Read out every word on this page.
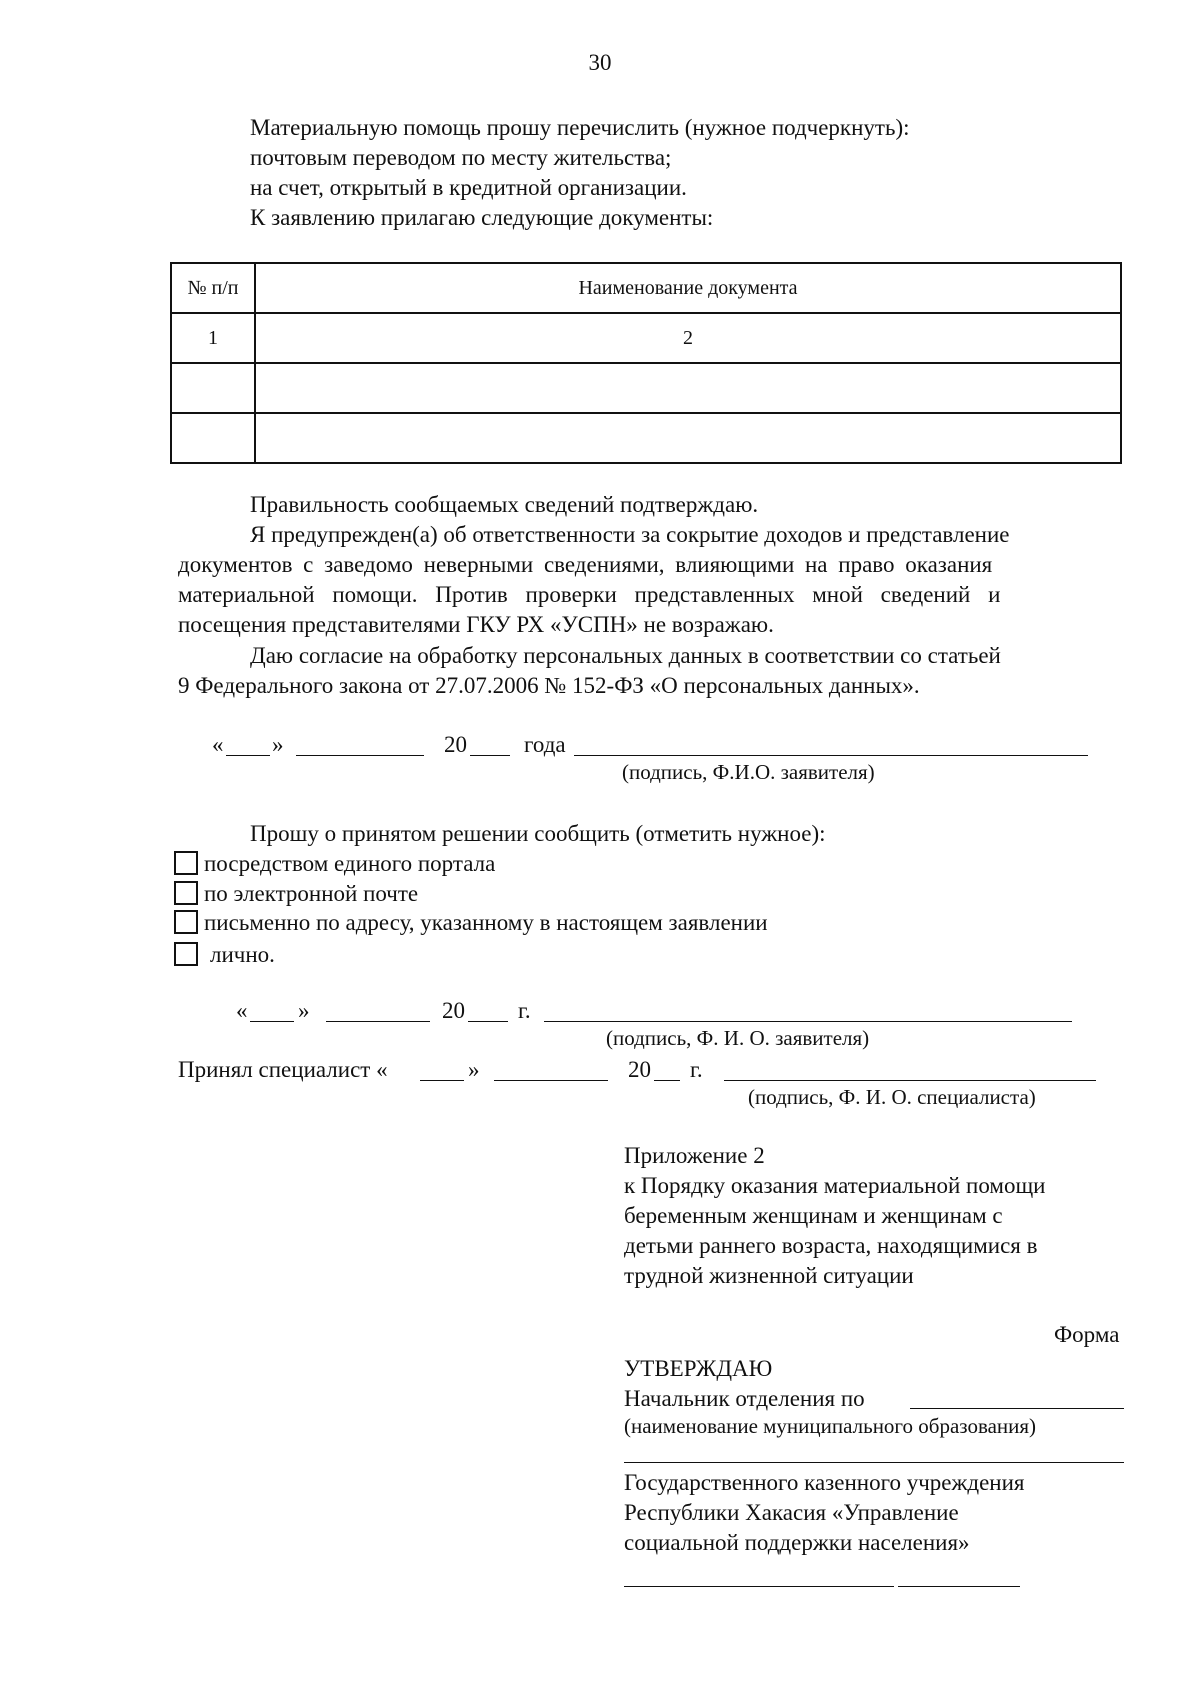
30
Материальную помощь прошу перечислить (нужное подчеркнуть):
почтовым переводом по месту жительства;
на счет, открытый в кредитной организации.
К заявлению прилагаю следующие документы:
№ п/п	Наименование документа
1	2

Правильность сообщаемых сведений подтверждаю.
Я предупрежден(а) об ответственности за сокрытие доходов и представление
документов с заведомо неверными сведениями, влияющими на право оказания
материальной помощи. Против проверки представленных мной сведений и
посещения представителями ГКУ РХ «УСПН» не возражаю.
Даю согласие на обработку персональных данных в соответствии со статьей
9 Федерального закона от 27.07.2006 № 152-ФЗ «О персональных данных».
« »	20 года
(подпись, Ф.И.О. заявителя)
Прошу о принятом решении сообщить (отметить нужное):
посредством единого портала
по электронной почте
письменно по адресу, указанному в настоящем заявлении
лично.
« »	20 г.
(подпись, Ф. И. О. заявителя)
Принял специалист «	»	20 г.
(подпись, Ф. И. О. специалиста)
Приложение 2
к Порядку оказания материальной помощи
беременным женщинам и женщинам с
детьми раннего возраста, находящимися в
трудной жизненной ситуации
Форма
УТВЕРЖДАЮ
Начальник отделения по
(наименование муниципального образования)
Государственного казенного учреждения
Республики Хакасия «Управление
социальной поддержки населения»
